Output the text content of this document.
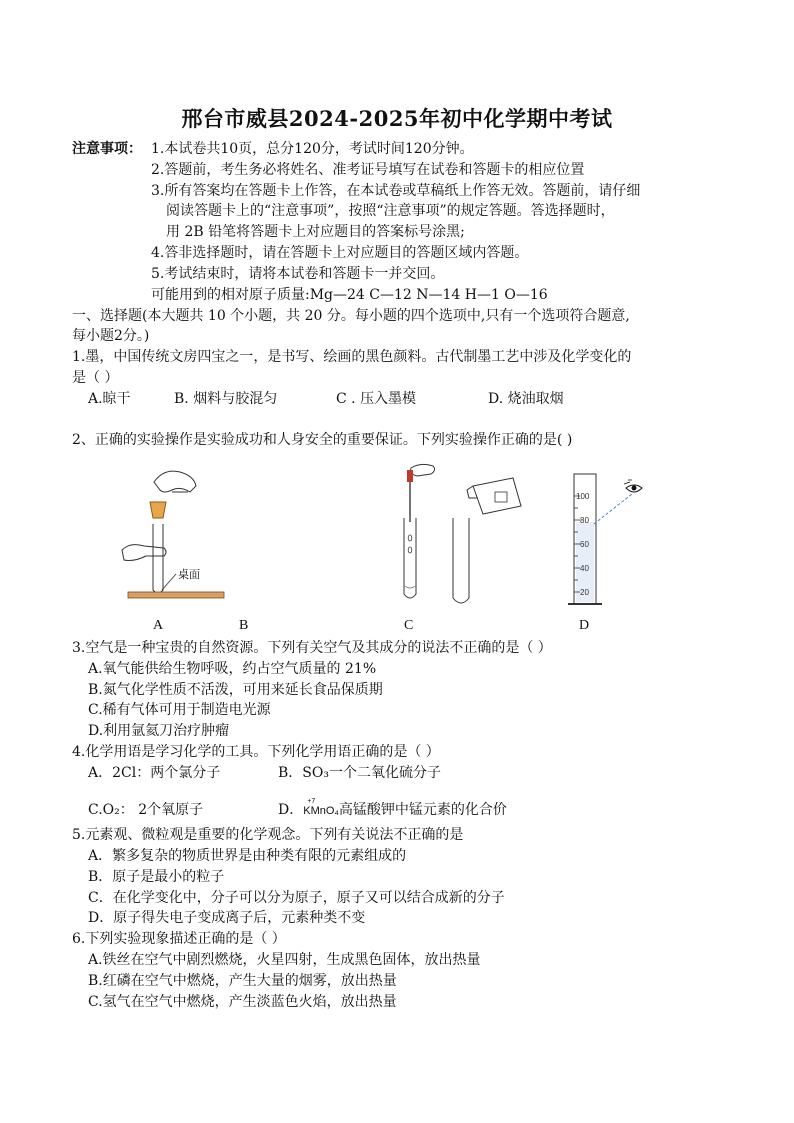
邢台市威县2024-2025年初中化学期中考试
注意事项： 1.本试卷共10页，总分120分，考试时间120分钟。
2.答题前，考生务必将姓名、准考证号填写在试卷和答题卡的相应位置
3.所有答案均在答题卡上作答，在本试卷或草稿纸上作答无效。答题前，请仔细
阅读答题卡上的“注意事项”，按照“注意事项”的规定答题。答选择题时，
用 2B 铅笔将答题卡上对应题目的答案标号涂黑;
4.答非选择题时，请在答题卡上对应题目的答题区域内答题。
5.考试结束时，请将本试卷和答题卡一并交回。
可能用到的相对原子质量:Mg—24 C—12 N—14 H—1 O—16
一、选择题(本大题共 10 个小题，共 20 分。每小题的四个选项中,只有一个选项符合题意,
每小题2分。)
1.墨，中国传统文房四宝之一，是书写、绘画的黑色颜料。古代制墨工艺中涉及化学变化的
是（ ）
A.晾干	B. 烟料与胶混匀	C . 压入墨模	D. 烧油取烟
2、正确的实验操作是实验成功和人身安全的重要保证。下列实验操作正确的是( )
桌面
100
80
60
40
20
A	B	C	D
3.空气是一种宝贵的自然资源。下列有关空气及其成分的说法不正确的是（ ）
A.氧气能供给生物呼吸，约占空气质量的 21%
B.氮气化学性质不活泼，可用来延长食品保质期
C.稀有气体可用于制造电光源
D.利用氩氦刀治疗肿瘤
4.化学用语是学习化学的工具。下列化学用语正确的是（ ）
A．2Cl：两个氯分子	B．SO₃一个二氧化硫分子
C.O₂： 2个氧原子	D．
+7
KMnO₄高锰酸钾中锰元素的化合价
5.元素观、微粒观是重要的化学观念。下列有关说法不正确的是
A．繁多复杂的物质世界是由种类有限的元素组成的
B．原子是最小的粒子
C．在化学变化中，分子可以分为原子，原子又可以结合成新的分子
D．原子得失电子变成离子后，元素种类不变
6.下列实验现象描述正确的是（ ）
A.铁丝在空气中剧烈燃烧，火星四射，生成黑色固体，放出热量
B.红磷在空气中燃烧，产生大量的烟雾，放出热量
C.氢气在空气中燃烧，产生淡蓝色火焰，放出热量
